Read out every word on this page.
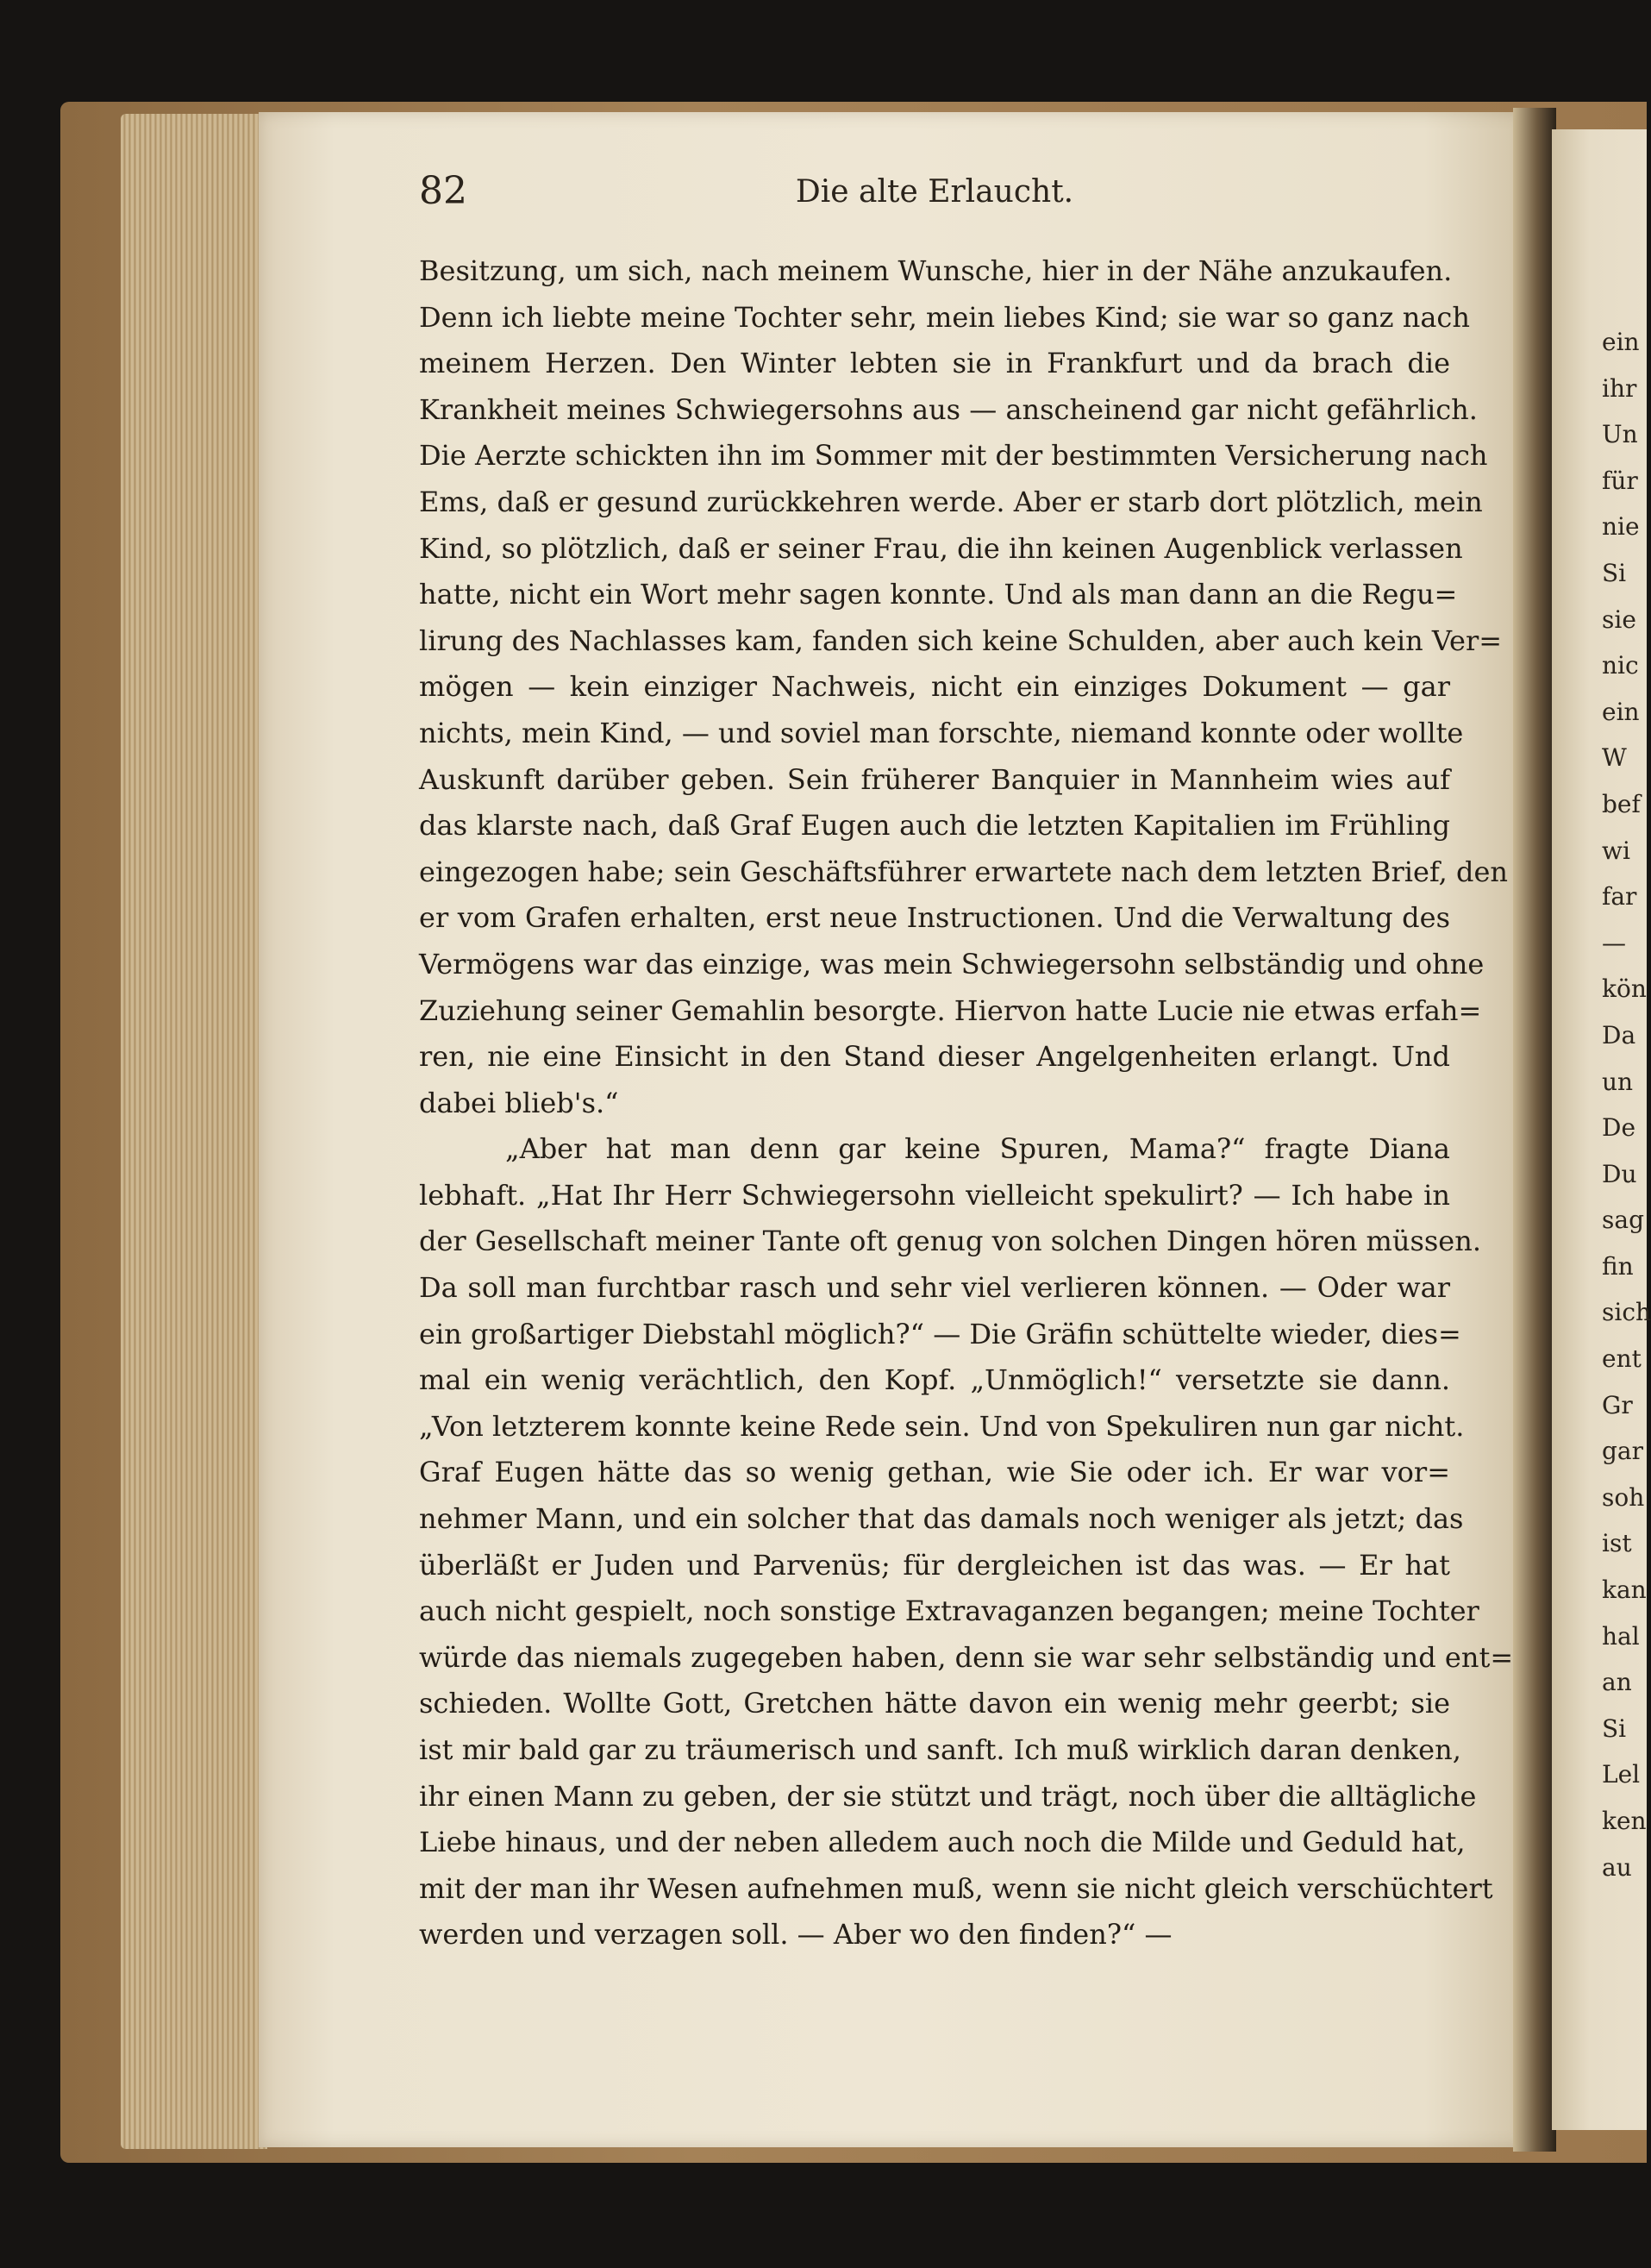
ein
ihr
Un
für
nie
Si
sie
nic
ein
W
bef
wi
far
—
kön
Da
un
De
Du
sag
fin
sich
ent
Gr
gar
soh
ist
kan
hal
an
Si
Lel
ken
au
82	Die alte Erlaucht.
Besitzung, um sich, nach meinem Wunsche, hier in der Nähe anzukaufen.
Denn ich liebte meine Tochter sehr, mein liebes Kind; sie war so ganz nach
meinem Herzen. Den Winter lebten sie in Frankfurt und da brach die
Krankheit meines Schwiegersohns aus — anscheinend gar nicht gefährlich.
Die Aerzte schickten ihn im Sommer mit der bestimmten Versicherung nach
Ems, daß er gesund zurückkehren werde. Aber er starb dort plötzlich, mein
Kind, so plötzlich, daß er seiner Frau, die ihn keinen Augenblick verlassen
hatte, nicht ein Wort mehr sagen konnte. Und als man dann an die Regu=
lirung des Nachlasses kam, fanden sich keine Schulden, aber auch kein Ver=
mögen — kein einziger Nachweis, nicht ein einziges Dokument — gar
nichts, mein Kind, — und soviel man forschte, niemand konnte oder wollte
Auskunft darüber geben. Sein früherer Banquier in Mannheim wies auf
das klarste nach, daß Graf Eugen auch die letzten Kapitalien im Frühling
eingezogen habe; sein Geschäftsführer erwartete nach dem letzten Brief, den
er vom Grafen erhalten, erst neue Instructionen. Und die Verwaltung des
Vermögens war das einzige, was mein Schwiegersohn selbständig und ohne
Zuziehung seiner Gemahlin besorgte. Hiervon hatte Lucie nie etwas erfah=
ren, nie eine Einsicht in den Stand dieser Angelgenheiten erlangt. Und
dabei blieb's.“
„Aber hat man denn gar keine Spuren, Mama?“ fragte Diana
lebhaft. „Hat Ihr Herr Schwiegersohn vielleicht spekulirt? — Ich habe in
der Gesellschaft meiner Tante oft genug von solchen Dingen hören müssen.
Da soll man furchtbar rasch und sehr viel verlieren können. — Oder war
ein großartiger Diebstahl möglich?“ — Die Gräfin schüttelte wieder, dies=
mal ein wenig verächtlich, den Kopf. „Unmöglich!“ versetzte sie dann.
„Von letzterem konnte keine Rede sein. Und von Spekuliren nun gar nicht.
Graf Eugen hätte das so wenig gethan, wie Sie oder ich. Er war vor=
nehmer Mann, und ein solcher that das damals noch weniger als jetzt; das
überläßt er Juden und Parvenüs; für dergleichen ist das was. — Er hat
auch nicht gespielt, noch sonstige Extravaganzen begangen; meine Tochter
würde das niemals zugegeben haben, denn sie war sehr selbständig und ent=
schieden. Wollte Gott, Gretchen hätte davon ein wenig mehr geerbt; sie
ist mir bald gar zu träumerisch und sanft. Ich muß wirklich daran denken,
ihr einen Mann zu geben, der sie stützt und trägt, noch über die alltägliche
Liebe hinaus, und der neben alledem auch noch die Milde und Geduld hat,
mit der man ihr Wesen aufnehmen muß, wenn sie nicht gleich verschüchtert
werden und verzagen soll. — Aber wo den finden?“ —
